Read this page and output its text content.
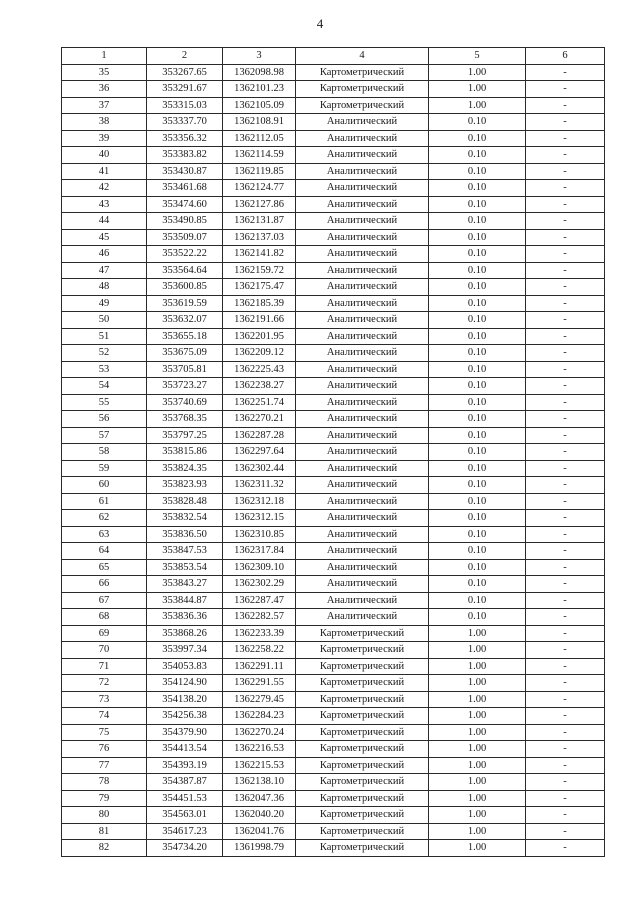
4
1	2	3	4	5	6
35	353267.65	1362098.98	Картометрический	1.00	-
36	353291.67	1362101.23	Картометрический	1.00	-
37	353315.03	1362105.09	Картометрический	1.00	-
38	353337.70	1362108.91	Аналитический	0.10	-
39	353356.32	1362112.05	Аналитический	0.10	-
40	353383.82	1362114.59	Аналитический	0.10	-
41	353430.87	1362119.85	Аналитический	0.10	-
42	353461.68	1362124.77	Аналитический	0.10	-
43	353474.60	1362127.86	Аналитический	0.10	-
44	353490.85	1362131.87	Аналитический	0.10	-
45	353509.07	1362137.03	Аналитический	0.10	-
46	353522.22	1362141.82	Аналитический	0.10	-
47	353564.64	1362159.72	Аналитический	0.10	-
48	353600.85	1362175.47	Аналитический	0.10	-
49	353619.59	1362185.39	Аналитический	0.10	-
50	353632.07	1362191.66	Аналитический	0.10	-
51	353655.18	1362201.95	Аналитический	0.10	-
52	353675.09	1362209.12	Аналитический	0.10	-
53	353705.81	1362225.43	Аналитический	0.10	-
54	353723.27	1362238.27	Аналитический	0.10	-
55	353740.69	1362251.74	Аналитический	0.10	-
56	353768.35	1362270.21	Аналитический	0.10	-
57	353797.25	1362287.28	Аналитический	0.10	-
58	353815.86	1362297.64	Аналитический	0.10	-
59	353824.35	1362302.44	Аналитический	0.10	-
60	353823.93	1362311.32	Аналитический	0.10	-
61	353828.48	1362312.18	Аналитический	0.10	-
62	353832.54	1362312.15	Аналитический	0.10	-
63	353836.50	1362310.85	Аналитический	0.10	-
64	353847.53	1362317.84	Аналитический	0.10	-
65	353853.54	1362309.10	Аналитический	0.10	-
66	353843.27	1362302.29	Аналитический	0.10	-
67	353844.87	1362287.47	Аналитический	0.10	-
68	353836.36	1362282.57	Аналитический	0.10	-
69	353868.26	1362233.39	Картометрический	1.00	-
70	353997.34	1362258.22	Картометрический	1.00	-
71	354053.83	1362291.11	Картометрический	1.00	-
72	354124.90	1362291.55	Картометрический	1.00	-
73	354138.20	1362279.45	Картометрический	1.00	-
74	354256.38	1362284.23	Картометрический	1.00	-
75	354379.90	1362270.24	Картометрический	1.00	-
76	354413.54	1362216.53	Картометрический	1.00	-
77	354393.19	1362215.53	Картометрический	1.00	-
78	354387.87	1362138.10	Картометрический	1.00	-
79	354451.53	1362047.36	Картометрический	1.00	-
80	354563.01	1362040.20	Картометрический	1.00	-
81	354617.23	1362041.76	Картометрический	1.00	-
82	354734.20	1361998.79	Картометрический	1.00	-
